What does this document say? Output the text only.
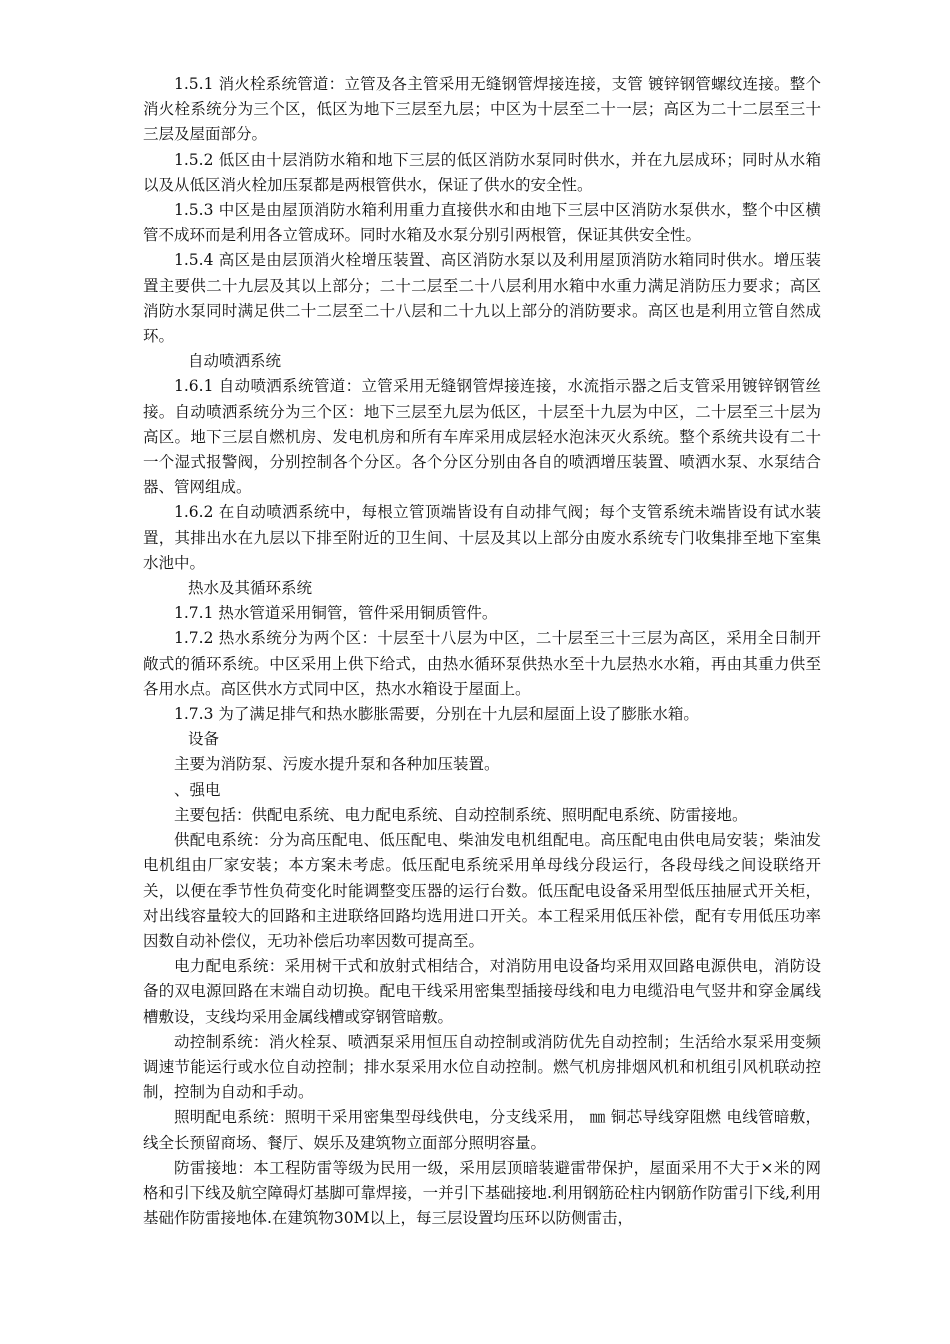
1.5.1 消火栓系统管道：立管及各主管采用无缝钢管焊接连接，支管 镀锌钢管螺纹连接。整个消火栓系统分为三个区，低区为地下三层至九层；中区为十层至二十一层；高区为二十二层至三十三层及屋面部分。

1.5.2 低区由十层消防水箱和地下三层的低区消防水泵同时供水，并在九层成环；同时从水箱以及从低区消火栓加压泵都是两根管供水，保证了供水的安全性。

1.5.3 中区是由屋顶消防水箱利用重力直接供水和由地下三层中区消防水泵供水，整个中区横管不成环而是利用各立管成环。同时水箱及水泵分别引两根管，保证其供安全性。

1.5.4 高区是由层顶消火栓增压装置、高区消防水泵以及利用屋顶消防水箱同时供水。增压装置主要供二十九层及其以上部分；二十二层至二十八层利用水箱中水重力满足消防压力要求；高区消防水泵同时满足供二十二层至二十八层和二十九以上部分的消防要求。高区也是利用立管自然成环。

自动喷洒系统

1.6.1 自动喷洒系统管道：立管采用无缝钢管焊接连接，水流指示器之后支管采用镀锌钢管丝接。自动喷洒系统分为三个区：地下三层至九层为低区，十层至十九层为中区，二十层至三十层为高区。地下三层自燃机房、发电机房和所有车库采用成层轻水泡沫灭火系统。整个系统共设有二十一个湿式报警阀，分别控制各个分区。各个分区分别由各自的喷洒增压装置、喷洒水泵、水泵结合器、管网组成。

1.6.2 在自动喷洒系统中，每根立管顶端皆设有自动排气阀；每个支管系统未端皆设有试水装置，其排出水在九层以下排至附近的卫生间、十层及其以上部分由废水系统专门收集排至地下室集水池中。

热水及其循环系统

1.7.1 热水管道采用铜管，管件采用铜质管件。

1.7.2 热水系统分为两个区：十层至十八层为中区，二十层至三十三层为高区，采用全日制开敞式的循环系统。中区采用上供下给式，由热水循环泵供热水至十九层热水水箱，再由其重力供至各用水点。高区供水方式同中区，热水水箱设于屋面上。

1.7.3 为了满足排气和热水膨胀需要，分别在十九层和屋面上设了膨胀水箱。

设备

主要为消防泵、污废水提升泵和各种加压装置。

、强电

主要包括：供配电系统、电力配电系统、自动控制系统、照明配电系统、防雷接地。

供配电系统：分为高压配电、低压配电、柴油发电机组配电。高压配电由供电局安装；柴油发电机组由厂家安装；本方案未考虑。低压配电系统采用单母线分段运行，各段母线之间设联络开关，以便在季节性负荷变化时能调整变压器的运行台数。低压配电设备采用型低压抽屉式开关柜，对出线容量较大的回路和主进联络回路均选用进口开关。本工程采用低压补偿，配有专用低压功率因数自动补偿仪，无功补偿后功率因数可提高至。

电力配电系统：采用树干式和放射式相结合，对消防用电设备均采用双回路电源供电，消防设备的双电源回路在末端自动切换。配电干线采用密集型插接母线和电力电缆沿电气竖井和穿金属线槽敷设，支线均采用金属线槽或穿钢管暗敷。

动控制系统：消火栓泵、喷洒泵采用恒压自动控制或消防优先自动控制；生活给水泵采用变频调速节能运行或水位自动控制；排水泵采用水位自动控制。燃气机房排烟风机和机组引风机联动控制，控制为自动和手动。

照明配电系统：照明干采用密集型母线供电，分支线采用， ㎜ 铜芯导线穿阻燃 电线管暗敷，线全长预留商场、餐厅、娱乐及建筑物立面部分照明容量。

防雷接地：本工程防雷等级为民用一级，采用层顶暗装避雷带保护，屋面采用不大于×米的网格和引下线及航空障碍灯基脚可靠焊接，一并引下基础接地.利用钢筋砼柱内钢筋作防雷引下线,利用基础作防雷接地体.在建筑物30M以上，每三层设置均压环以防侧雷击，
